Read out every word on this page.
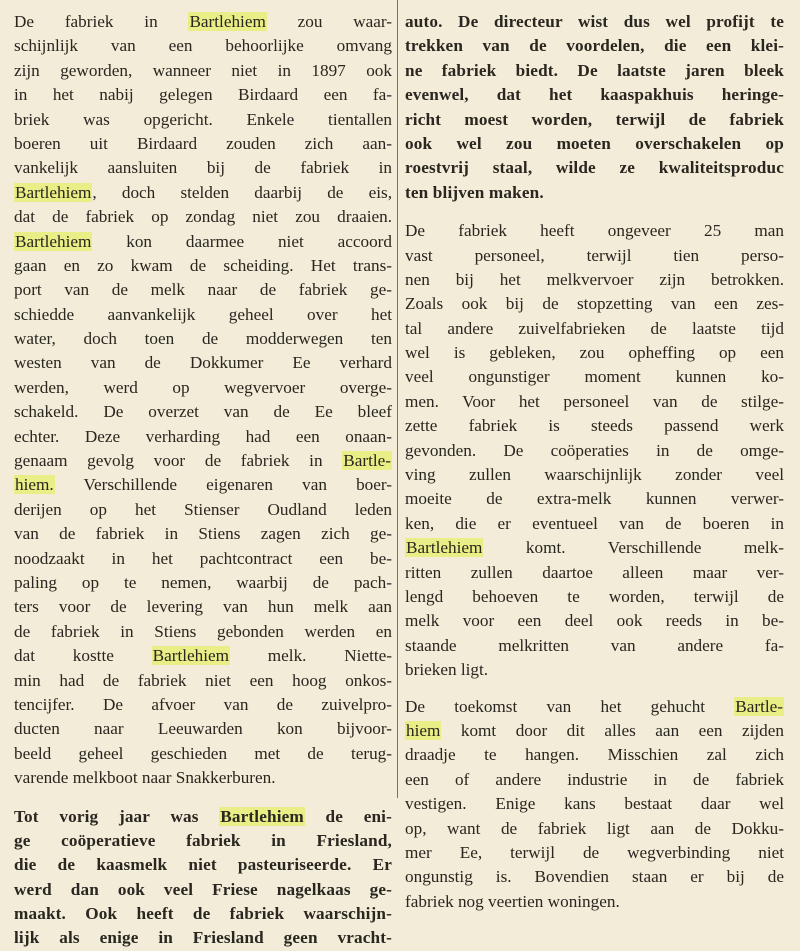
De fabriek in Bartlehiem zou waar-
schijnlijk van een behoorlijke omvang
zijn geworden, wanneer niet in 1897 ook
in het nabij gelegen Birdaard een fa-
briek was opgericht. Enkele tientallen
boeren uit Birdaard zouden zich aan-
vankelijk aansluiten bij de fabriek in
Bartlehiem, doch stelden daarbij de eis,
dat de fabriek op zondag niet zou draaien.
Bartlehiem kon daarmee niet accoord
gaan en zo kwam de scheiding. Het trans-
port van de melk naar de fabriek ge-
schiedde aanvankelijk geheel over het
water, doch toen de modderwegen ten
westen van de Dokkumer Ee verhard
werden, werd op wegvervoer overge-
schakeld. De overzet van de Ee bleef
echter. Deze verharding had een onaan-
genaam gevolg voor de fabriek in Bartle-
hiem. Verschillende eigenaren van boer-
derijen op het Stienser Oudland leden
van de fabriek in Stiens zagen zich ge-
noodzaakt in het pachtcontract een be-
paling op te nemen, waarbij de pach-
ters voor de levering van hun melk aan
de fabriek in Stiens gebonden werden en
dat kostte Bartlehiem melk. Niette-
min had de fabriek niet een hoog onkos-
tencijfer. De afvoer van de zuivelpro-
ducten naar Leeuwarden kon bijvoor-
beeld geheel geschieden met de terug-
varende melkboot naar Snakkerburen.
Tot vorig jaar was Bartlehiem de eni-
ge coöperatieve fabriek in Friesland,
die de kaasmelk niet pasteuriseerde. Er
werd dan ook veel Friese nagelkaas ge-
maakt. Ook heeft de fabriek waarschijn-
lijk als enige in Friesland geen vracht-
auto. De directeur wist dus wel profijt te
trekken van de voordelen, die een klei-
ne fabriek biedt. De laatste jaren bleek
evenwel, dat het kaaspakhuis heringe-
richt moest worden, terwijl de fabriek
ook wel zou moeten overschakelen op
roestvrij staal, wilde ze kwaliteitsproduc
ten blijven maken.
De fabriek heeft ongeveer 25 man
vast personeel, terwijl tien perso-
nen bij het melkvervoer zijn betrokken.
Zoals ook bij de stopzetting van een zes-
tal andere zuivelfabrieken de laatste tijd
wel is gebleken, zou opheffing op een
veel ongunstiger moment kunnen ko-
men. Voor het personeel van de stilge-
zette fabriek is steeds passend werk
gevonden. De coöperaties in de omge-
ving zullen waarschijnlijk zonder veel
moeite de extra-melk kunnen verwer-
ken, die er eventueel van de boeren in
Bartlehiem komt. Verschillende melk-
ritten zullen daartoe alleen maar ver-
lengd behoeven te worden, terwijl de
melk voor een deel ook reeds in be-
staande melkritten van andere fa-
brieken ligt.
De toekomst van het gehucht Bartle-
hiem komt door dit alles aan een zijden
draadje te hangen. Misschien zal zich
een of andere industrie in de fabriek
vestigen. Enige kans bestaat daar wel
op, want de fabriek ligt aan de Dokku-
mer Ee, terwijl de wegverbinding niet
ongunstig is. Bovendien staan er bij de
fabriek nog veertien woningen.
